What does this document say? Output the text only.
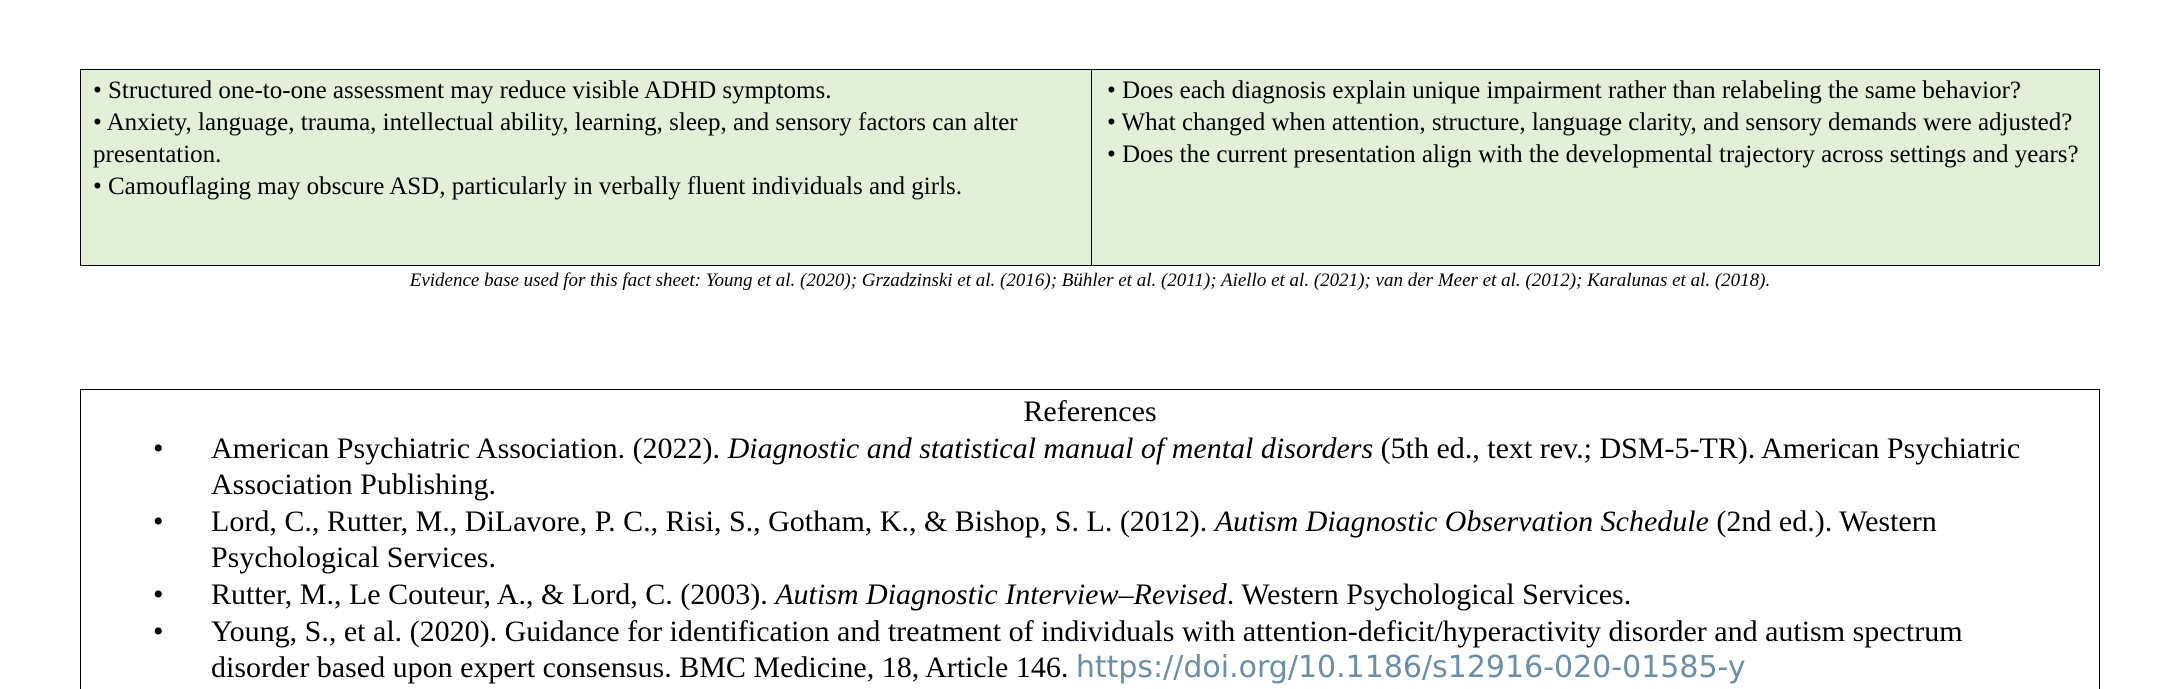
• Structured one-to-one assessment may reduce visible ADHD symptoms.
• Anxiety, language, trauma, intellectual ability, learning, sleep, and sensory factors can alter presentation.
• Camouflaging may obscure ASD, particularly in verbally fluent individuals and girls.
• Does each diagnosis explain unique impairment rather than relabeling the same behavior?
• What changed when attention, structure, language clarity, and sensory demands were adjusted?
• Does the current presentation align with the developmental trajectory across settings and years?
Evidence base used for this fact sheet: Young et al. (2020); Grzadzinski et al. (2016); Bühler et al. (2011); Aiello et al. (2021); van der Meer et al. (2012); Karalunas et al. (2018).
References
• American Psychiatric Association. (2022). Diagnostic and statistical manual of mental disorders (5th ed., text rev.; DSM-5-TR). American Psychiatric Association Publishing.
• Lord, C., Rutter, M., DiLavore, P. C., Risi, S., Gotham, K., & Bishop, S. L. (2012). Autism Diagnostic Observation Schedule (2nd ed.). Western Psychological Services.
• Rutter, M., Le Couteur, A., & Lord, C. (2003). Autism Diagnostic Interview–Revised. Western Psychological Services.
• Young, S., et al. (2020). Guidance for identification and treatment of individuals with attention-deficit/hyperactivity disorder and autism spectrum disorder based upon expert consensus. BMC Medicine, 18, Article 146. https://doi.org/10.1186/s12916-020-01585-y
